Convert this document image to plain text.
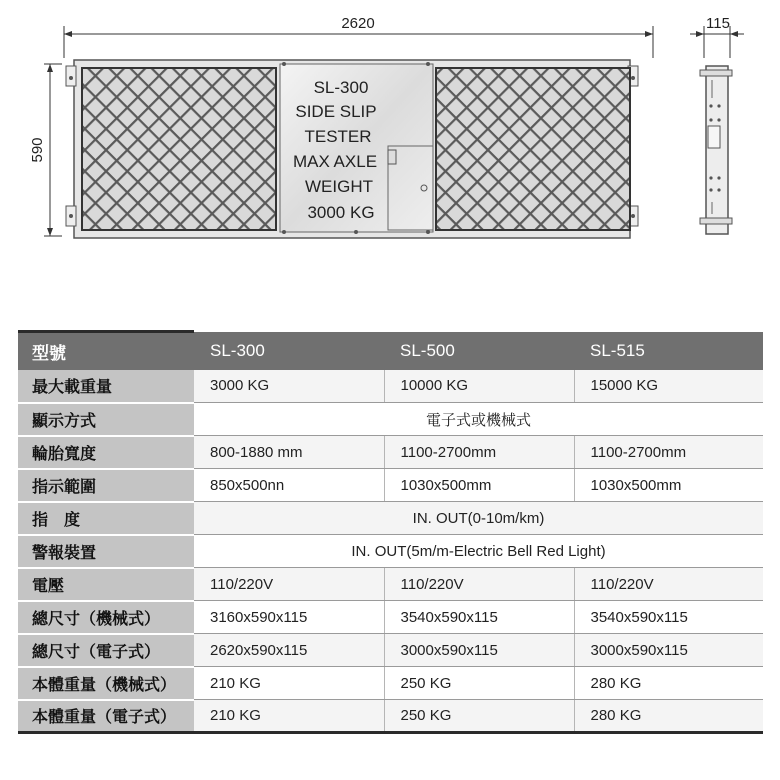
2620
590
SL-300
SIDE SLIP
TESTER
MAX AXLE
WEIGHT
3000 KG
115
型號	SL-300	SL-500	SL-515
最大載重量	3000 KG	10000 KG	15000 KG
顯示方式	電子式或機械式		
輪胎寬度	800-1880 mm	1100-2700mm	1100-2700mm
指示範圍	850x500nn	1030x500mm	1030x500mm
指　度	IN. OUT(0-10m/km)		
警報裝置	IN. OUT(5m/m-Electric Bell Red Light)		
電壓	110/220V	110/220V	110/220V
總尺寸（機械式）	3160x590x115	3540x590x115	3540x590x115
總尺寸（電子式）	2620x590x115	3000x590x115	3000x590x115
本體重量（機械式）	210 KG	250 KG	280 KG
本體重量（電子式）	210 KG	250 KG	280 KG
